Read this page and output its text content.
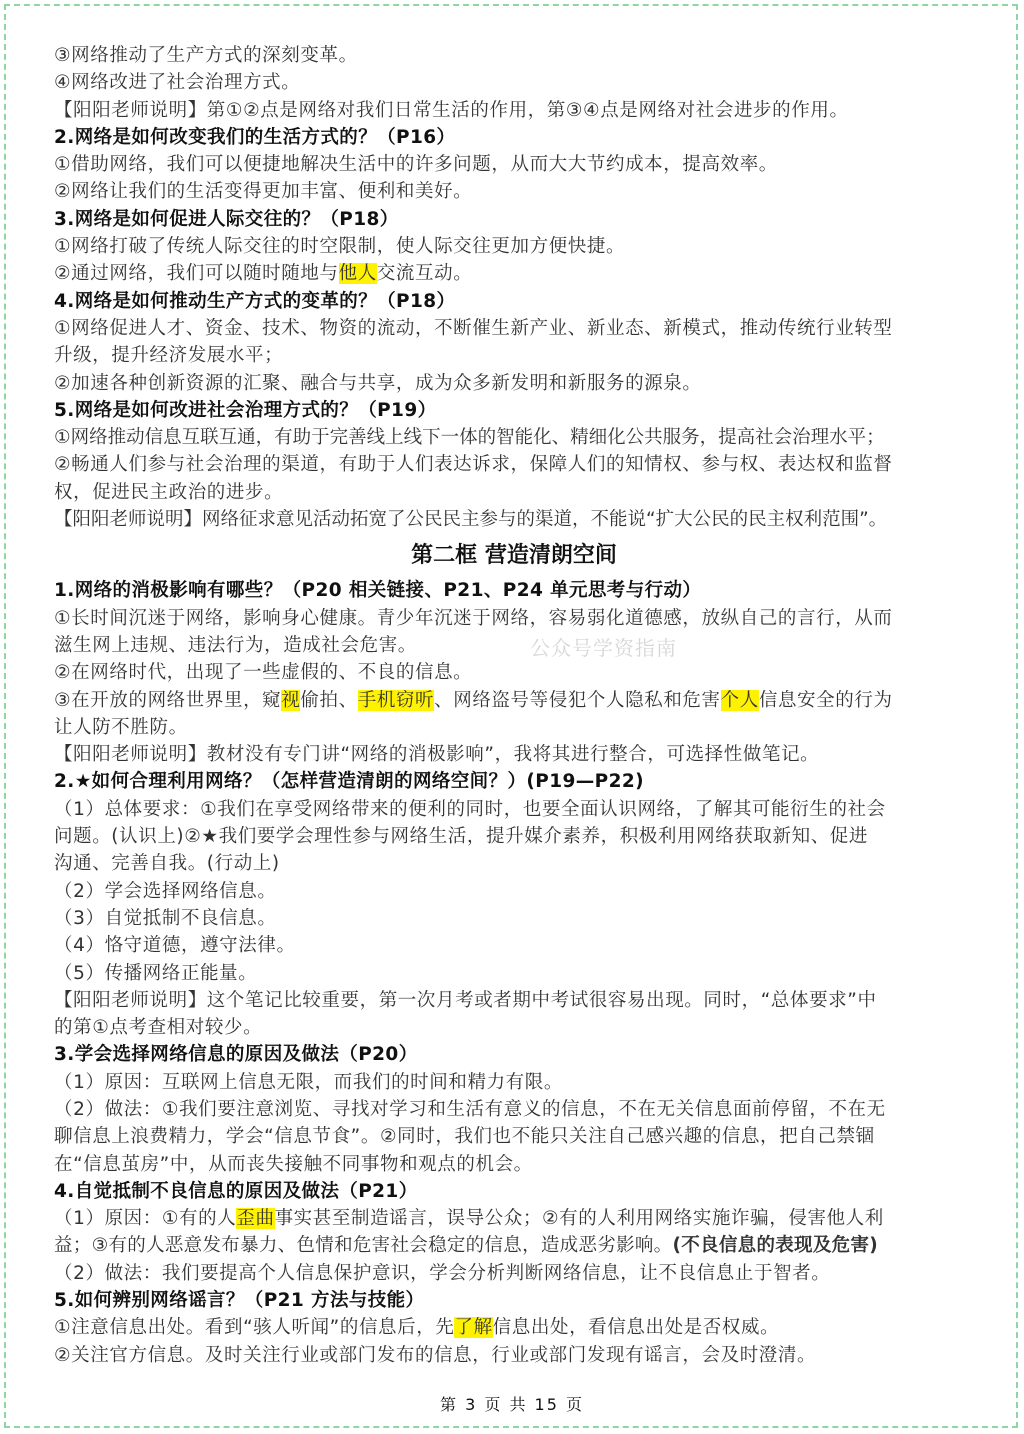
③网络推动了生产方式的深刻变革。
④网络改进了社会治理方式。
【阳阳老师说明】第①②点是网络对我们日常生活的作用，第③④点是网络对社会进步的作用。
2.网络是如何改变我们的生活方式的？（P16）
①借助网络，我们可以便捷地解决生活中的许多问题，从而大大节约成本，提高效率。
②网络让我们的生活变得更加丰富、便利和美好。
3.网络是如何促进人际交往的？（P18）
①网络打破了传统人际交往的时空限制，使人际交往更加方便快捷。
②通过网络，我们可以随时随地与他人交流互动。
4.网络是如何推动生产方式的变革的？（P18）
①网络促进人才、资金、技术、物资的流动，不断催生新产业、新业态、新模式，推动传统行业转型
升级，提升经济发展水平；
②加速各种创新资源的汇聚、融合与共享，成为众多新发明和新服务的源泉。
5.网络是如何改进社会治理方式的？（P19）
①网络推动信息互联互通，有助于完善线上线下一体的智能化、精细化公共服务，提高社会治理水平；
②畅通人们参与社会治理的渠道，有助于人们表达诉求，保障人们的知情权、参与权、表达权和监督
权，促进民主政治的进步。
【阳阳老师说明】网络征求意见活动拓宽了公民民主参与的渠道，不能说“扩大公民的民主权利范围”。
第二框 营造清朗空间
1.网络的消极影响有哪些？（P20 相关链接、P21、P24 单元思考与行动）
①长时间沉迷于网络，影响身心健康。青少年沉迷于网络，容易弱化道德感，放纵自己的言行，从而
滋生网上违规、违法行为，造成社会危害。
②在网络时代，出现了一些虚假的、不良的信息。
③在开放的网络世界里，窥视偷拍、手机窃听、网络盗号等侵犯个人隐私和危害个人信息安全的行为
让人防不胜防。
【阳阳老师说明】教材没有专门讲“网络的消极影响”，我将其进行整合，可选择性做笔记。
2.★如何合理利用网络？（怎样营造清朗的网络空间？）(P19—P22)
（1）总体要求：①我们在享受网络带来的便利的同时，也要全面认识网络，了解其可能衍生的社会
问题。(认识上)②★我们要学会理性参与网络生活，提升媒介素养，积极利用网络获取新知、促进
沟通、完善自我。(行动上)
（2）学会选择网络信息。
（3）自觉抵制不良信息。
（4）恪守道德，遵守法律。
（5）传播网络正能量。
【阳阳老师说明】这个笔记比较重要，第一次月考或者期中考试很容易出现。同时，“总体要求”中
的第①点考查相对较少。
3.学会选择网络信息的原因及做法（P20）
（1）原因：互联网上信息无限，而我们的时间和精力有限。
（2）做法：①我们要注意浏览、寻找对学习和生活有意义的信息，不在无关信息面前停留，不在无
聊信息上浪费精力，学会“信息节食”。②同时，我们也不能只关注自己感兴趣的信息，把自己禁锢
在“信息茧房”中，从而丧失接触不同事物和观点的机会。
4.自觉抵制不良信息的原因及做法（P21）
（1）原因：①有的人歪曲事实甚至制造谣言，误导公众；②有的人利用网络实施诈骗，侵害他人利
益；③有的人恶意发布暴力、色情和危害社会稳定的信息，造成恶劣影响。(不良信息的表现及危害)
（2）做法：我们要提高个人信息保护意识，学会分析判断网络信息，让不良信息止于智者。
5.如何辨别网络谣言？（P21 方法与技能）
①注意信息出处。看到“骇人听闻”的信息后，先了解信息出处，看信息出处是否权威。
②关注官方信息。及时关注行业或部门发布的信息，行业或部门发现有谣言，会及时澄清。
公众号学资指南
第 3 页 共 15 页
